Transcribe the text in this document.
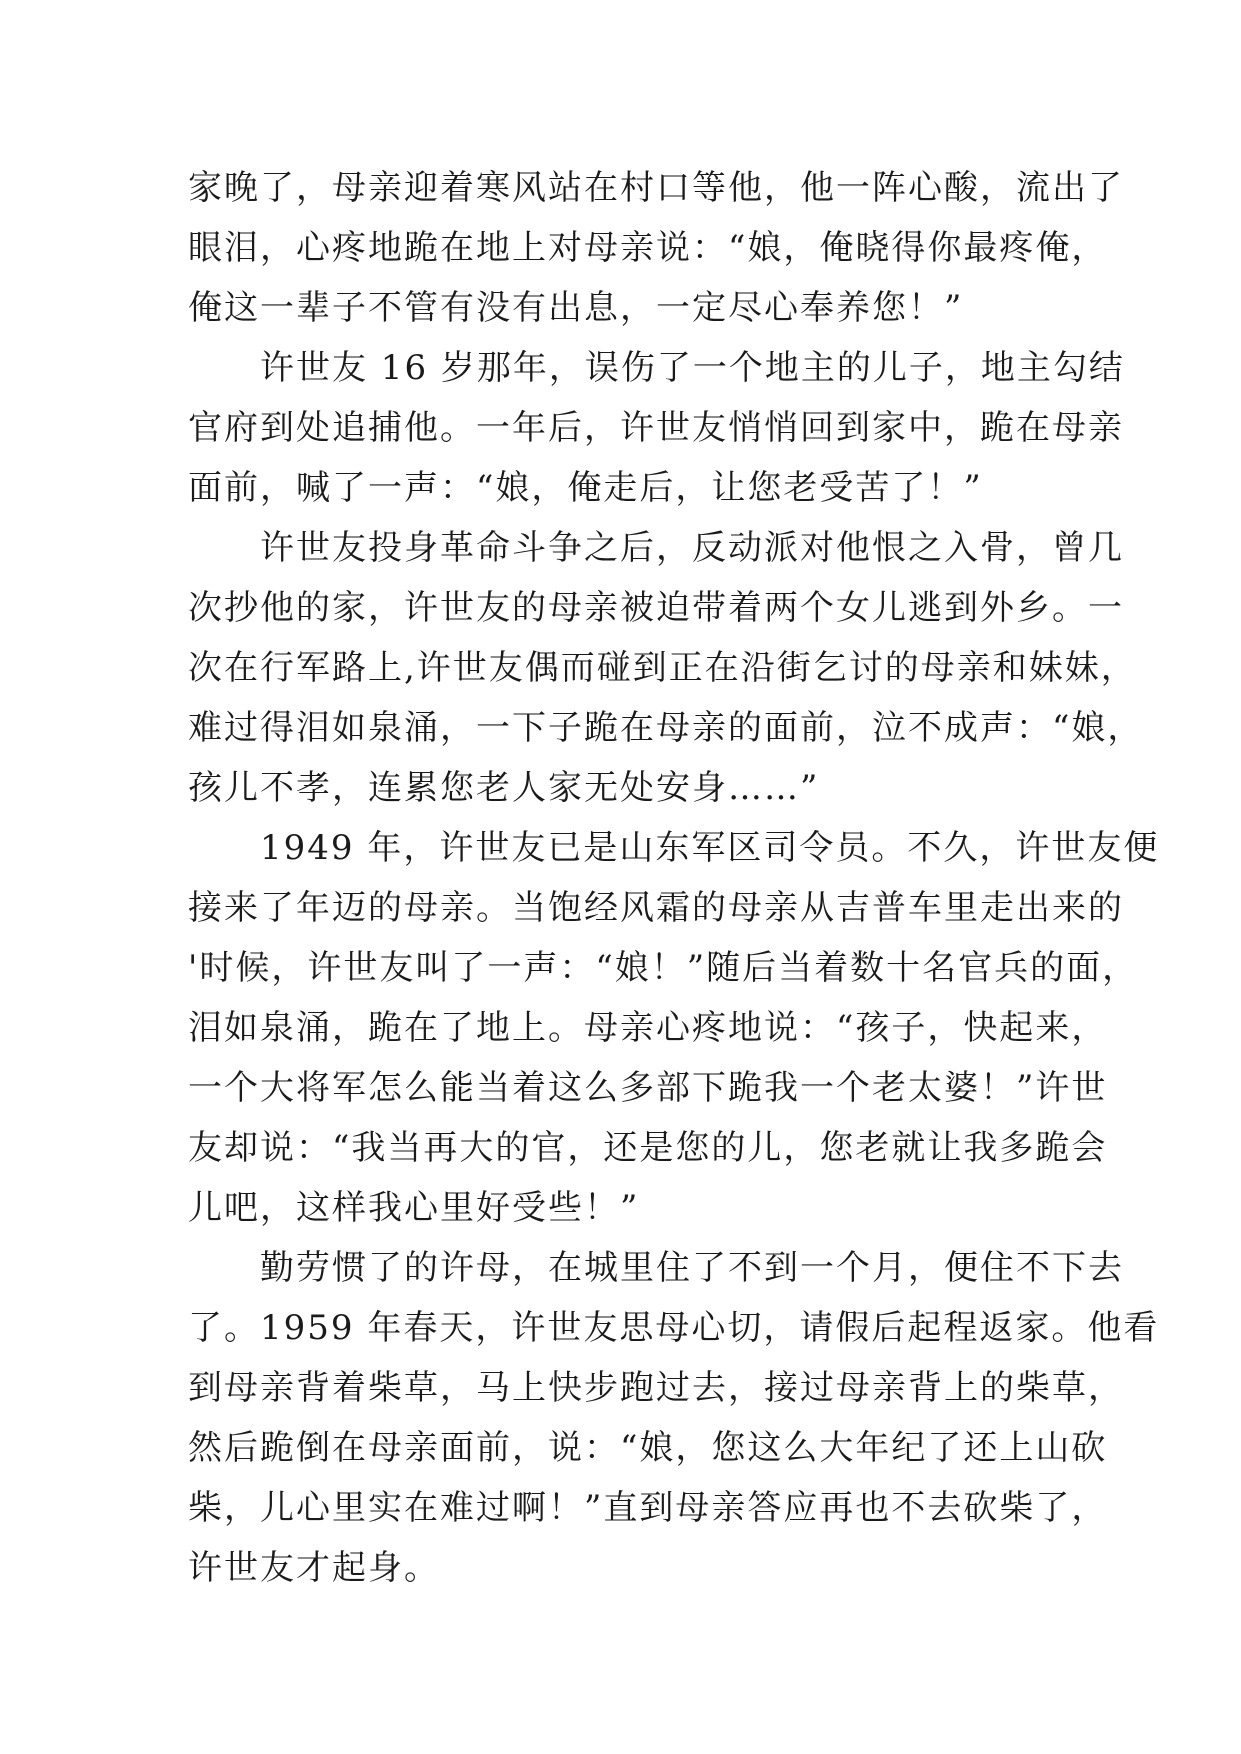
家晚了，母亲迎着寒风站在村口等他，他一阵心酸，流出了
眼泪，心疼地跪在地上对母亲说：“娘，俺晓得你最疼俺，
俺这一辈子不管有没有出息，一定尽心奉养您！”
许世友 16 岁那年，误伤了一个地主的儿子，地主勾结
官府到处追捕他。一年后，许世友悄悄回到家中，跪在母亲
面前，喊了一声：“娘，俺走后，让您老受苦了！”
许世友投身革命斗争之后，反动派对他恨之入骨，曾几
次抄他的家，许世友的母亲被迫带着两个女儿逃到外乡。一
次在行军路上,许世友偶而碰到正在沿街乞讨的母亲和妹妹，
难过得泪如泉涌，一下子跪在母亲的面前，泣不成声：“娘，
孩儿不孝，连累您老人家无处安身……”
1949 年，许世友已是山东军区司令员。不久，许世友便
接来了年迈的母亲。当饱经风霜的母亲从吉普车里走出来的
'时候，许世友叫了一声：“娘！”随后当着数十名官兵的面，
泪如泉涌，跪在了地上。母亲心疼地说：“孩子，快起来，
一个大将军怎么能当着这么多部下跪我一个老太婆！”许世
友却说：“我当再大的官，还是您的儿，您老就让我多跪会
儿吧，这样我心里好受些！”
勤劳惯了的许母，在城里住了不到一个月，便住不下去
了。1959 年春天，许世友思母心切，请假后起程返家。他看
到母亲背着柴草，马上快步跑过去，接过母亲背上的柴草，
然后跪倒在母亲面前，说：“娘，您这么大年纪了还上山砍
柴，儿心里实在难过啊！”直到母亲答应再也不去砍柴了，
许世友才起身。
